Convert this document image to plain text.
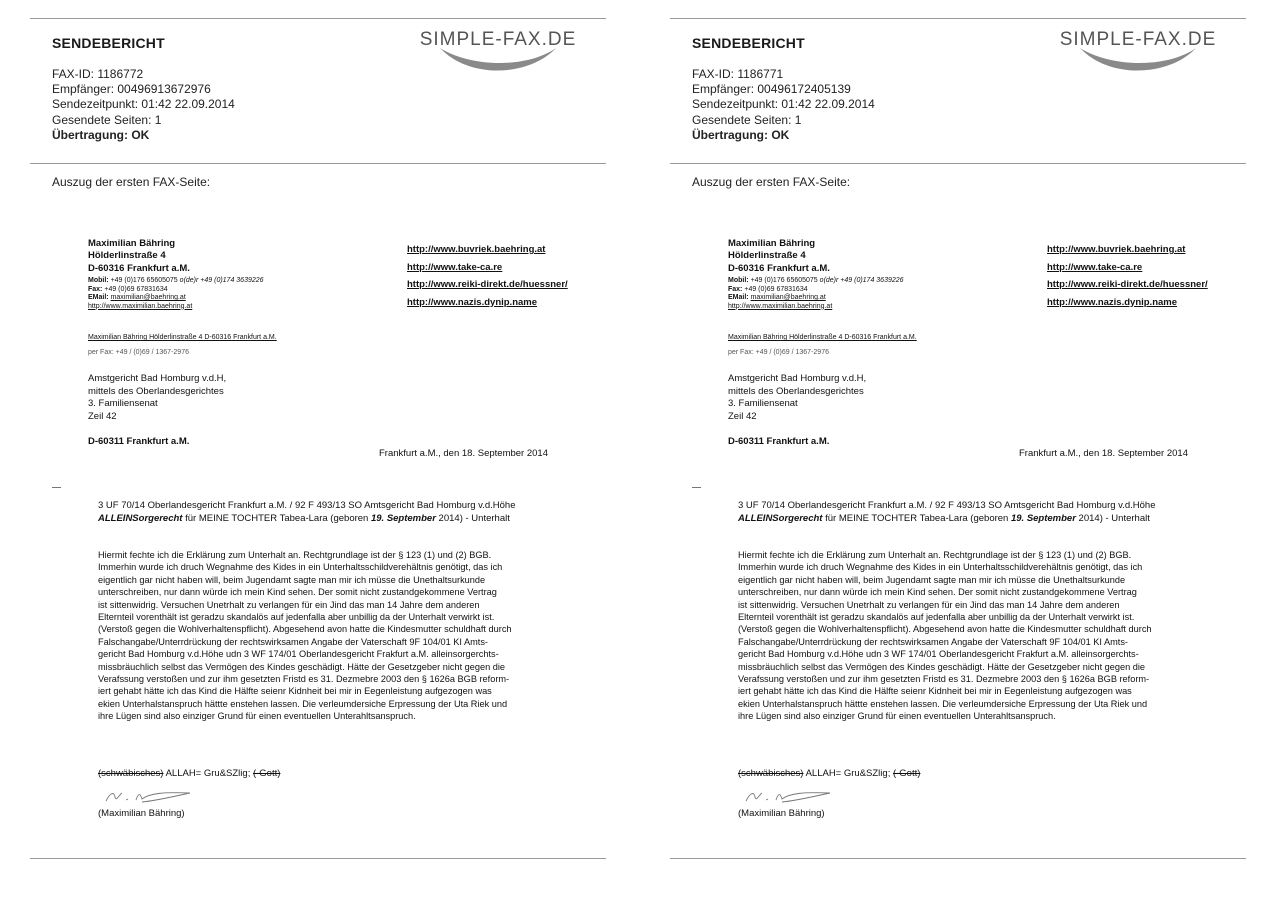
SENDEBERICHT	SIMPLE-FAX.DE
FAX-ID: 1186772
Empfänger: 00496913672976
Sendezeitpunkt: 01:42 22.09.2014
Gesendete Seiten: 1
Übertragung: OK
Auszug der ersten FAX-Seite:
Maximilian Bähring
Hölderlinstraße 4
D-60316 Frankfurt a.M.
Mobil: +49 (0)176 65605075 o(de)r +49 (0)174 3639226
Fax: +49 (0)69 67831634
EMail: maximilian@baehring.at
http://www.maximilian.baehring.at
http://www.buvriek.baehring.at
http://www.take-ca.re
http://www.reiki-direkt.de/huessner/
http://www.nazis.dynip.name
Maximilian Bähring Hölderlinstraße 4 D-60316 Frankfurt a.M.
per Fax: +49 / (0)69 / 1367-2976
Amstgericht Bad Homburg v.d.H,
mittels des Oberlandesgerichtes
3. Familiensenat
Zeil 42
D-60311 Frankfurt a.M.
Frankfurt a.M., den 18. September 2014
3 UF 70/14 Oberlandesgericht Frankfurt a.M. / 92 F 493/13 SO Amtsgericht Bad Homburg v.d.Höhe
ALLEINSorgerecht für MEINE TOCHTER Tabea-Lara (geboren 19. September 2014) - Unterhalt
Hiermit fechte ich die Erklärung zum Unterhalt an. Rechtgrundlage ist der § 123 (1) und (2) BGB.
Immerhin wurde ich druch Wegnahme des Kides in ein Unterhaltsschildverehältnis genötigt, das ich
eigentlich gar nicht haben will, beim Jugendamt sagte man mir ich müsse die Unethaltsurkunde
unterschreiben, nur dann würde ich mein Kind sehen. Der somit nicht zustandgekommene Vertrag
ist sittenwidrig. Versuchen Unetrhalt zu verlangen für ein Jind das man 14 Jahre dem anderen
Elternteil vorenthält ist geradzu skandalös auf jedenfalla aber unbillig da der Unterhalt verwirkt ist.
(Verstoß gegen die Wohlverhaltenspflicht). Abgesehend avon hatte die Kindesmutter schuldhaft durch
Falschangabe/Unterrdrückung der rechtswirksamen Angabe der Vaterschaft 9F 104/01 KI Amts-
gericht Bad Homburg v.d.Höhe udn 3 WF 174/01 Oberlandesgericht Frakfurt a.M. alleinsorgerchts-
missbräuchlich selbst das Vermögen des Kindes geschädigt. Hätte der Gesetzgeber nicht gegen die
Verafssung verstoßen und zur ihm gesetzten Fristd es 31. Dezmebre 2003 den § 1626a BGB reform-
iert gehabt hätte ich das Kind die Hälfte seienr Kidnheit bei mir in Eegenleistung aufgezogen was
ekien Unterhalstanspruch hättte enstehen lassen. Die verleumdersiche Erpressung der Uta Riek und
ihre Lügen sind also einziger Grund für einen eventuellen Unterahltsanspruch.
(schwäbisches) ALLAH= Gru&SZlig; (-Gott)
(Maximilian Bähring)
SENDEBERICHT	SIMPLE-FAX.DE
FAX-ID: 1186771
Empfänger: 00496172405139
Sendezeitpunkt: 01:42 22.09.2014
Gesendete Seiten: 1
Übertragung: OK
Auszug der ersten FAX-Seite:
Maximilian Bähring
Hölderlinstraße 4
D-60316 Frankfurt a.M.
Mobil: +49 (0)176 65605075 o(de)r +49 (0)174 3639226
Fax: +49 (0)69 67831634
EMail: maximilian@baehring.at
http://www.maximilian.baehring.at
http://www.buvriek.baehring.at
http://www.take-ca.re
http://www.reiki-direkt.de/huessner/
http://www.nazis.dynip.name
Maximilian Bähring Hölderlinstraße 4 D-60316 Frankfurt a.M.
per Fax: +49 / (0)69 / 1367-2976
Amstgericht Bad Homburg v.d.H,
mittels des Oberlandesgerichtes
3. Familiensenat
Zeil 42
D-60311 Frankfurt a.M.
Frankfurt a.M., den 18. September 2014
3 UF 70/14 Oberlandesgericht Frankfurt a.M. / 92 F 493/13 SO Amtsgericht Bad Homburg v.d.Höhe
ALLEINSorgerecht für MEINE TOCHTER Tabea-Lara (geboren 19. September 2014) - Unterhalt
Hiermit fechte ich die Erklärung zum Unterhalt an. Rechtgrundlage ist der § 123 (1) und (2) BGB.
Immerhin wurde ich druch Wegnahme des Kides in ein Unterhaltsschildverehältnis genötigt, das ich
eigentlich gar nicht haben will, beim Jugendamt sagte man mir ich müsse die Unethaltsurkunde
unterschreiben, nur dann würde ich mein Kind sehen. Der somit nicht zustandgekommene Vertrag
ist sittenwidrig. Versuchen Unetrhalt zu verlangen für ein Jind das man 14 Jahre dem anderen
Elternteil vorenthält ist geradzu skandalös auf jedenfalla aber unbillig da der Unterhalt verwirkt ist.
(Verstoß gegen die Wohlverhaltenspflicht). Abgesehend avon hatte die Kindesmutter schuldhaft durch
Falschangabe/Unterrdrückung der rechtswirksamen Angabe der Vaterschaft 9F 104/01 KI Amts-
gericht Bad Homburg v.d.Höhe udn 3 WF 174/01 Oberlandesgericht Frakfurt a.M. alleinsorgerchts-
missbräuchlich selbst das Vermögen des Kindes geschädigt. Hätte der Gesetzgeber nicht gegen die
Verafssung verstoßen und zur ihm gesetzten Fristd es 31. Dezmebre 2003 den § 1626a BGB reform-
iert gehabt hätte ich das Kind die Hälfte seienr Kidnheit bei mir in Eegenleistung aufgezogen was
ekien Unterhalstanspruch hättte enstehen lassen. Die verleumdersiche Erpressung der Uta Riek und
ihre Lügen sind also einziger Grund für einen eventuellen Unterahltsanspruch.
(schwäbisches) ALLAH= Gru&SZlig; (-Gott)
(Maximilian Bähring)
